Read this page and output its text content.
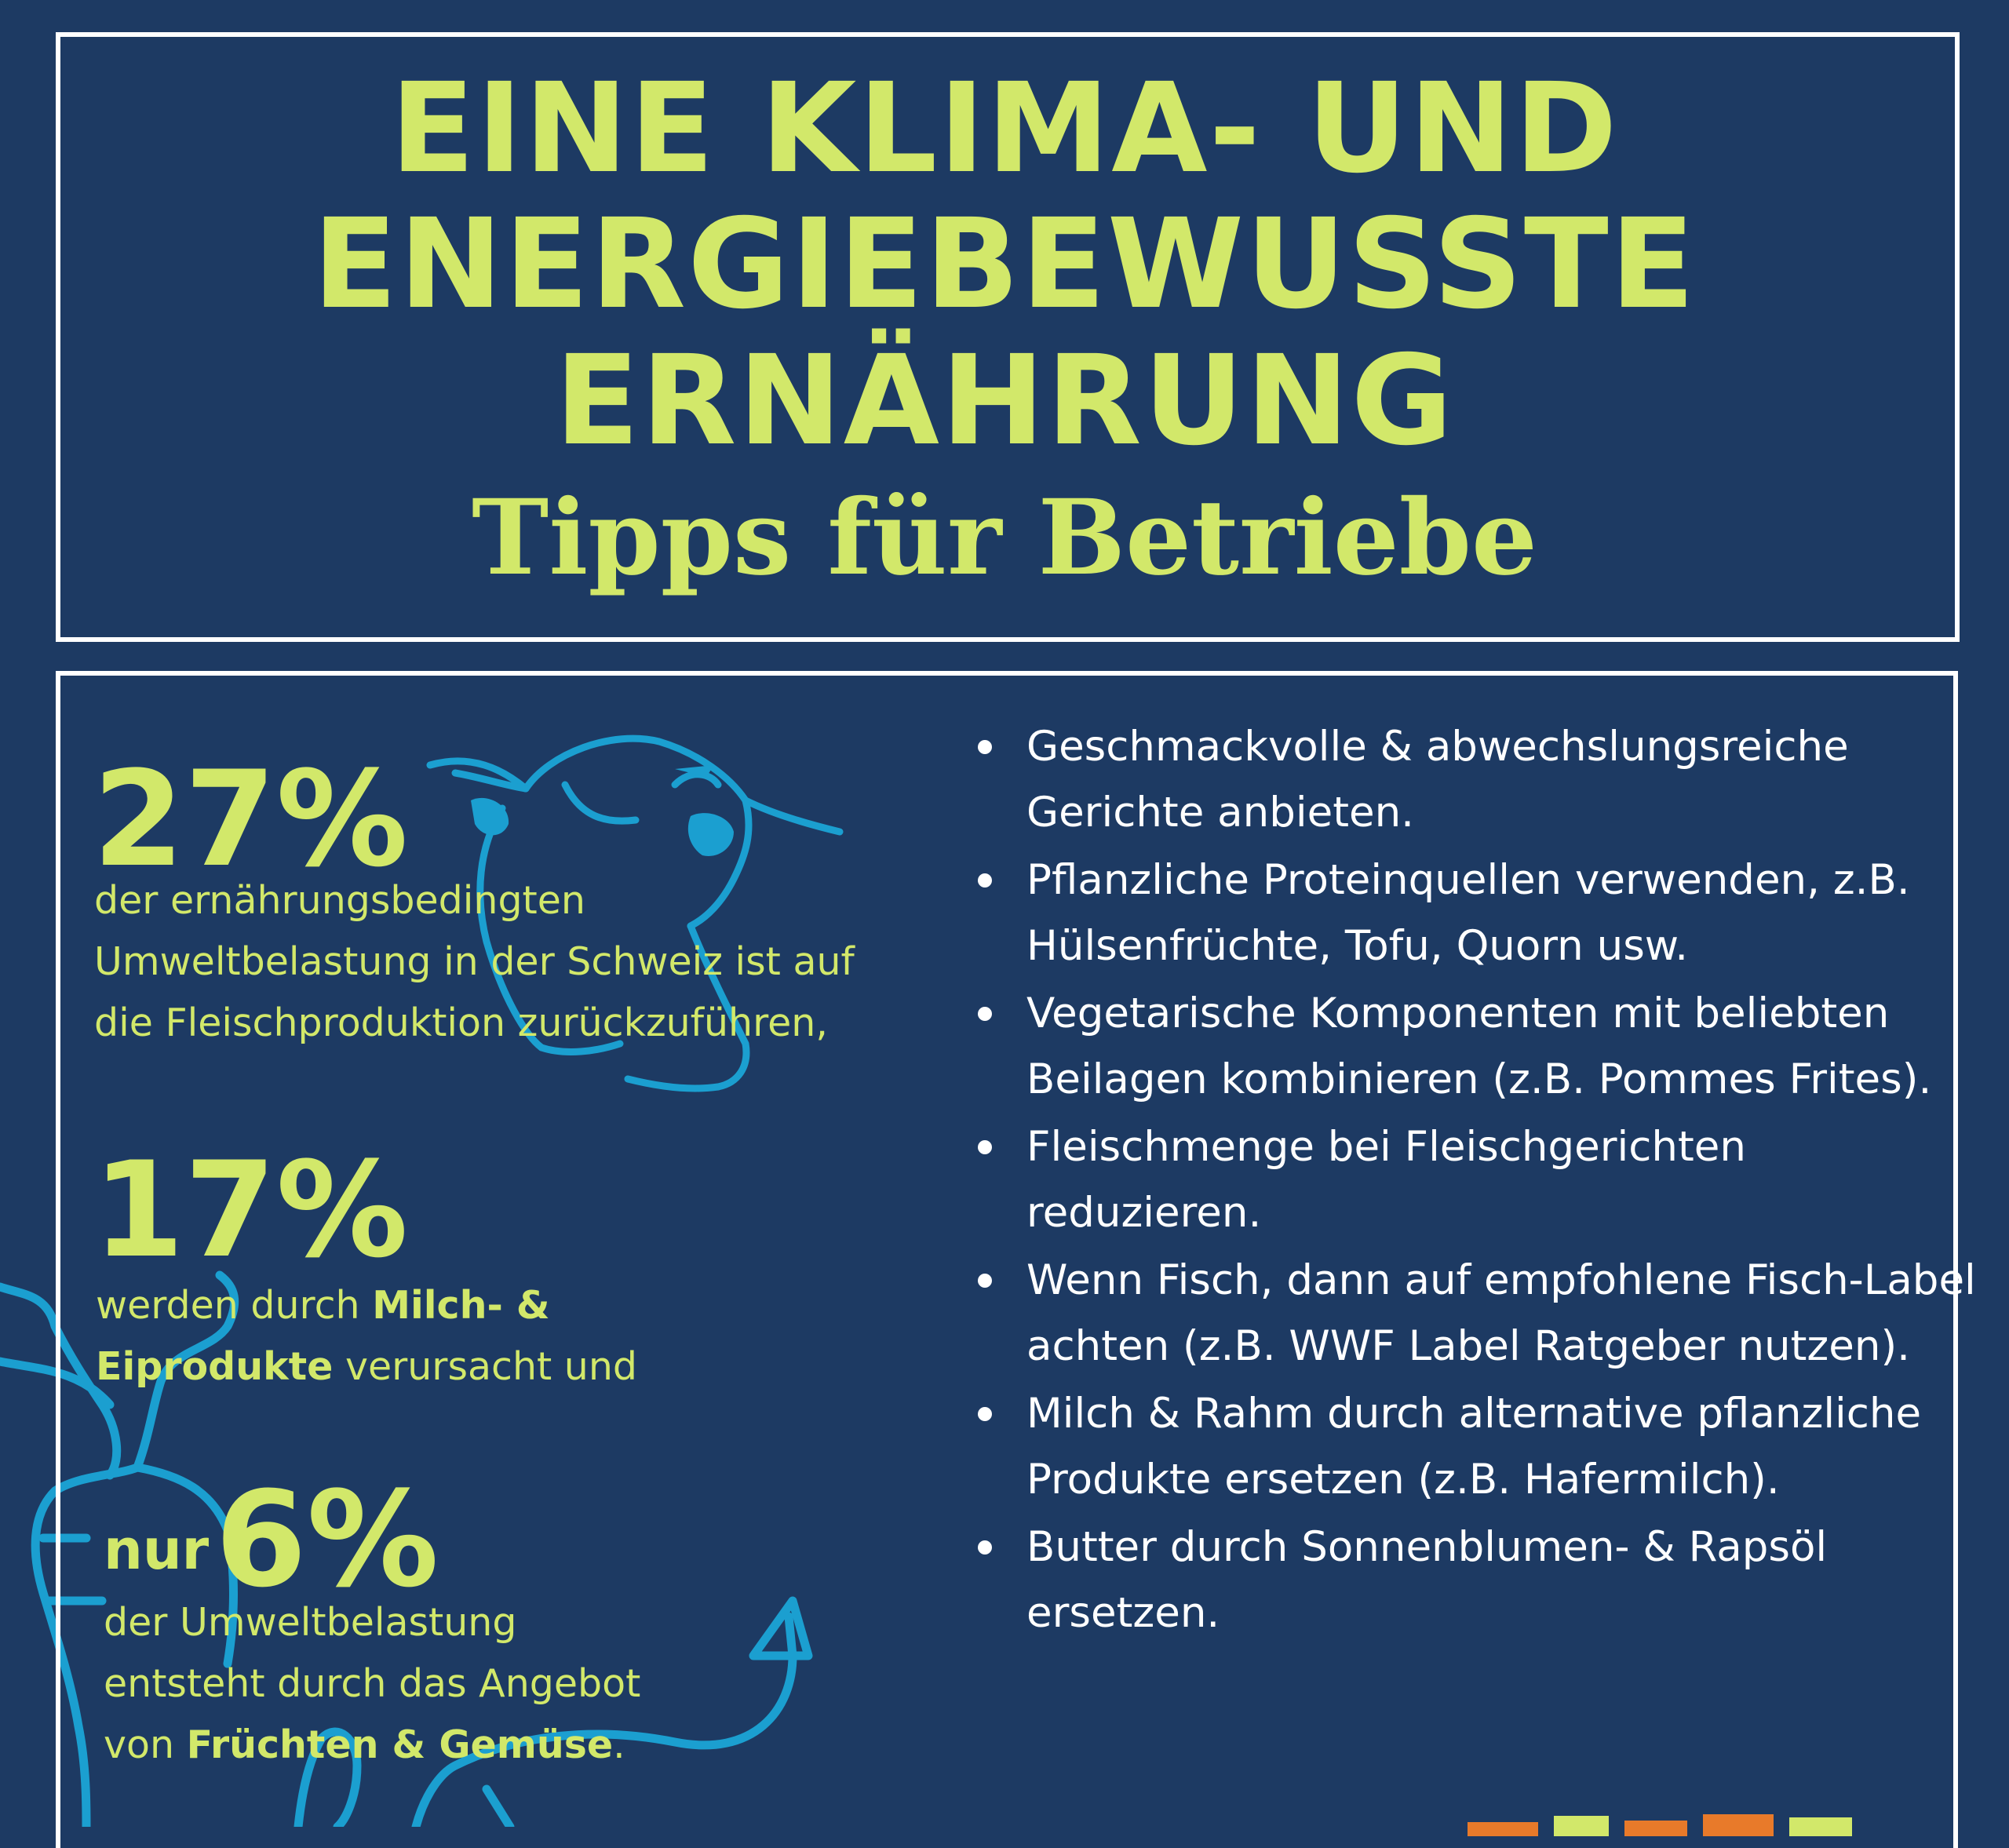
EINE KLIMA- UND
ENERGIEBEWUSSTE
ERNÄHRUNG
Tipps für Betriebe
27%
der ernährungsbedingten
Umweltbelastung in der Schweiz ist auf
die Fleischproduktion zurückzuführen,
17%
werden durch Milch- &
Eiprodukte verursacht und
nur 6%
der Umweltbelastung
entsteht durch das Angebot
von Früchten & Gemüse.
Geschmackvolle & abwechslungsreiche Gerichte anbieten.
Pflanzliche Proteinquellen verwenden, z.B. Hülsenfrüchte, Tofu, Quorn usw.
Vegetarische Komponenten mit beliebten Beilagen kombinieren (z.B. Pommes Frites).
Fleischmenge bei Fleischgerichten reduzieren.
Wenn Fisch, dann auf empfohlene Fisch-Label achten (z.B. WWF Label Ratgeber nutzen).
Milch & Rahm durch alternative pflanzliche Produkte ersetzen (z.B. Hafermilch).
Butter durch Sonnenblumen- & Rapsöl ersetzen.
